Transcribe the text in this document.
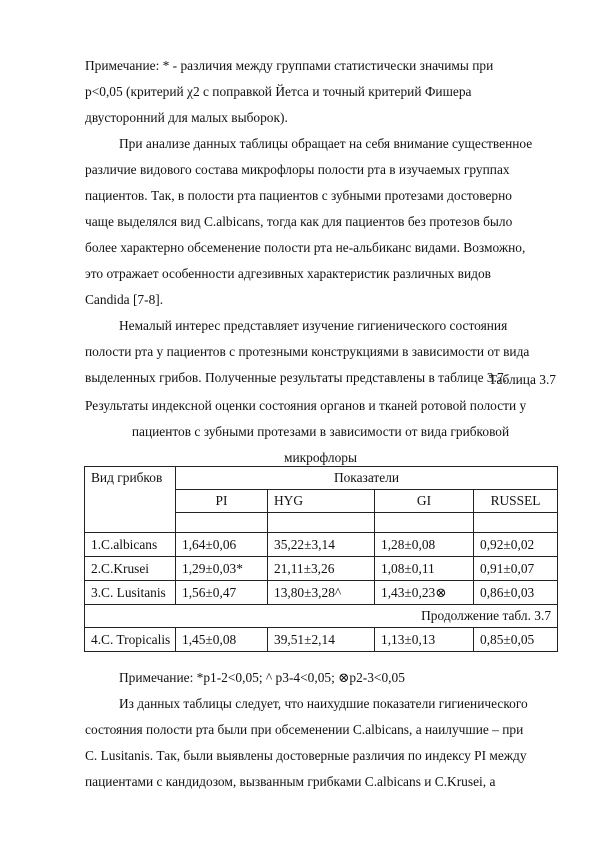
Примечание: * - различия между группами статистически значимы при
p<0,05 (критерий χ2 с поправкой Йетса и точный критерий Фишера
двусторонний для малых выборок).
При анализе данных таблицы обращает на себя внимание существенное
различие видового состава микрофлоры полости рта в изучаемых группах
пациентов. Так, в полости рта пациентов с зубными протезами достоверно
чаще выделялся вид C.albicans, тогда как для пациентов без протезов было
более характерно обсеменение полости рта не-альбиканс видами. Возможно,
это отражает особенности адгезивных характеристик различных видов
Candida [7-8].
Немалый интерес представляет изучение гигиенического состояния
полости рта у пациентов с протезными конструкциями в зависимости от вида
выделенных грибов. Полученные результаты представлены в таблице 3.7.
Таблица 3.7
Результаты индексной оценки состояния органов и тканей ротовой полости у
пациентов с зубными протезами в зависимости от вида грибковой
микрофлоры
Вид грибков	Показатели			
	PI	HYG	GI	RUSSEL

1.C.albicans	1,64±0,06	35,22±3,14	1,28±0,08	0,92±0,02
2.C.Krusei	1,29±0,03*	21,11±3,26	1,08±0,11	0,91±0,07
3.C. Lusitanis	1,56±0,47	13,80±3,28^	1,43±0,23⊗	0,86±0,03
Продолжение табл. 3.7				
4.C. Tropicalis	1,45±0,08	39,51±2,14	1,13±0,13	0,85±0,05
Примечание: *p1-2<0,05; ^ p3-4<0,05; ⊗p2-3<0,05
Из данных таблицы следует, что наихудшие показатели гигиенического
состояния полости рта были при обсеменении C.albicans, а наилучшие – при
C. Lusitanis. Так, были выявлены достоверные различия по индексу PI между
пациентами с кандидозом, вызванным грибками C.albicans и C.Krusei, а
